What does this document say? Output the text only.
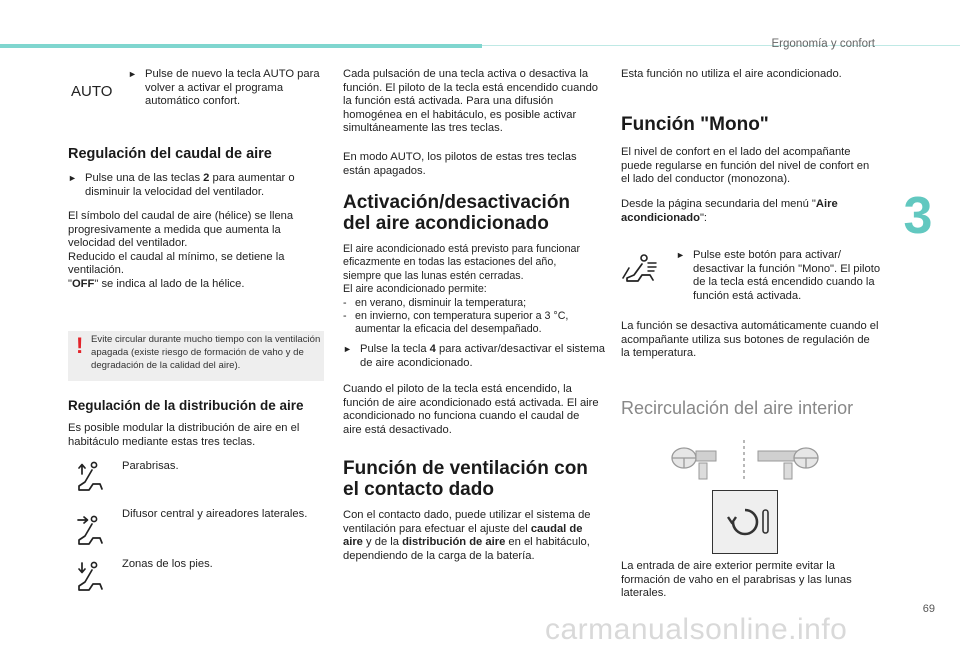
Ergonomía y confort
3
69
AUTO
► Pulse de nuevo la tecla AUTO para volver a activar el programa automático confort.
Regulación del caudal de aire
► Pulse una de las teclas 2 para aumentar o disminuir la velocidad del ventilador.
El símbolo del caudal de aire (hélice) se llena progresivamente a medida que aumenta la velocidad del ventilador.
Reducido el caudal al mínimo, se detiene la ventilación.
"OFF" se indica al lado de la hélice.
! Evite circular durante mucho tiempo con la ventilación apagada (existe riesgo de formación de vaho y de degradación de la calidad del aire).
Regulación de la distribución de aire
Es posible modular la distribución de aire en el habitáculo mediante estas tres teclas.
Parabrisas.
Difusor central y aireadores laterales.
Zonas de los pies.
Cada pulsación de una tecla activa o desactiva la función. El piloto de la tecla está encendido cuando la función está activada. Para una difusión homogénea en el habitáculo, es posible activar simultáneamente las tres teclas.
En modo AUTO, los pilotos de estas tres teclas están apagados.
Activación/desactivación del aire acondicionado
El aire acondicionado está previsto para funcionar eficazmente en todas las estaciones del año, siempre que las lunas estén cerradas.
El aire acondicionado permite:
- en verano, disminuir la temperatura;
- en invierno, con temperatura superior a 3 °C, aumentar la eficacia del desempañado.
► Pulse la tecla 4 para activar/desactivar el sistema de aire acondicionado.
Cuando el piloto de la tecla está encendido, la función de aire acondicionado está activada. El aire acondicionado no funciona cuando el caudal de aire está desactivado.
Función de ventilación con el contacto dado
Con el contacto dado, puede utilizar el sistema de ventilación para efectuar el ajuste del caudal de aire y de la distribución de aire en el habitáculo, dependiendo de la carga de la batería.
Esta función no utiliza el aire acondicionado.
Función "Mono"
El nivel de confort en el lado del acompañante puede regularse en función del nivel de confort en el lado del conductor (monozona).
Desde la página secundaria del menú "Aire acondicionado":
► Pulse este botón para activar/ desactivar la función "Mono". El piloto de la tecla está encendido cuando la función está activada.
La función se desactiva automáticamente cuando el acompañante utiliza sus botones de regulación de la temperatura.
Recirculación del aire interior
La entrada de aire exterior permite evitar la formación de vaho en el parabrisas y las lunas laterales.
carmanualsonline.info
